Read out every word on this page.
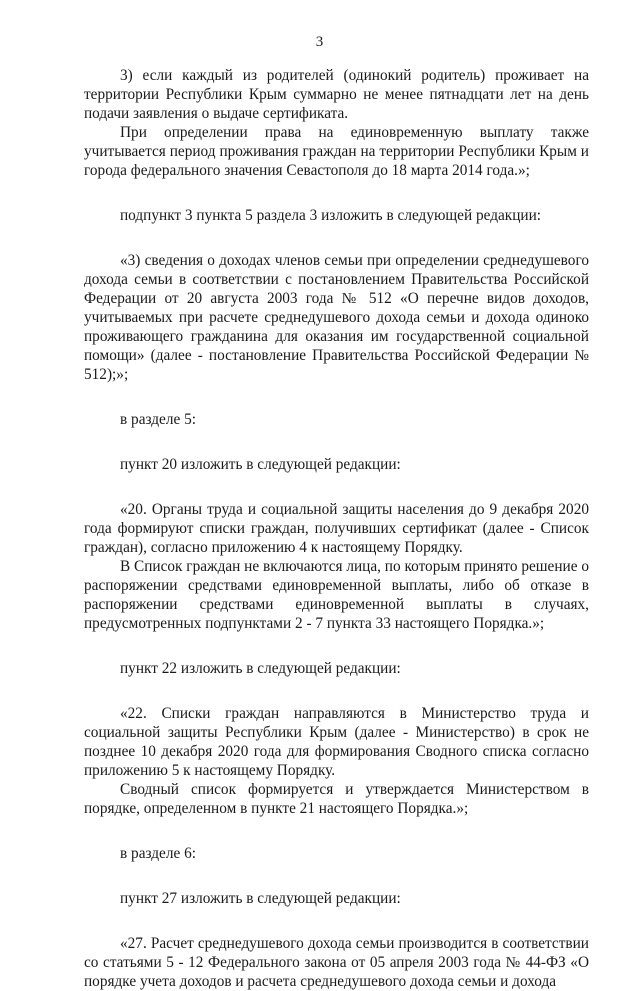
3

3) если каждый из родителей (одинокий родитель) проживает на территории Республики Крым суммарно не менее пятнадцати лет на день подачи заявления о выдаче сертификата.

При определении права на единовременную выплату также учитывается период проживания граждан на территории Республики Крым и города федерального значения Севастополя до 18 марта 2014 года.»;

подпункт 3 пункта 5 раздела 3 изложить в следующей редакции:

«3) сведения о доходах членов семьи при определении среднедушевого дохода семьи в соответствии с постановлением Правительства Российской Федерации от 20 августа 2003 года № 512 «О перечне видов доходов, учитываемых при расчете среднедушевого дохода семьи и дохода одиноко проживающего гражданина для оказания им государственной социальной помощи» (далее - постановление Правительства Российской Федерации № 512);»;

в разделе 5:

пункт 20 изложить в следующей редакции:

«20. Органы труда и социальной защиты населения до 9 декабря 2020 года формируют списки граждан, получивших сертификат (далее - Список граждан), согласно приложению 4 к настоящему Порядку.

В Список граждан не включаются лица, по которым принято решение о распоряжении средствами единовременной выплаты, либо об отказе в распоряжении средствами единовременной выплаты в случаях, предусмотренных подпунктами 2 - 7 пункта 33 настоящего Порядка.»;

пункт 22 изложить в следующей редакции:

«22. Списки граждан направляются в Министерство труда и социальной защиты Республики Крым (далее - Министерство) в срок не позднее 10 декабря 2020 года для формирования Сводного списка согласно приложению 5 к настоящему Порядку.

Сводный список формируется и утверждается Министерством в порядке, определенном в пункте 21 настоящего Порядка.»;

в разделе 6:

пункт 27 изложить в следующей редакции:

«27. Расчет среднедушевого дохода семьи производится в соответствии со статьями 5 - 12 Федерального закона от 05 апреля 2003 года № 44-ФЗ «О порядке учета доходов и расчета среднедушевого дохода семьи и дохода
